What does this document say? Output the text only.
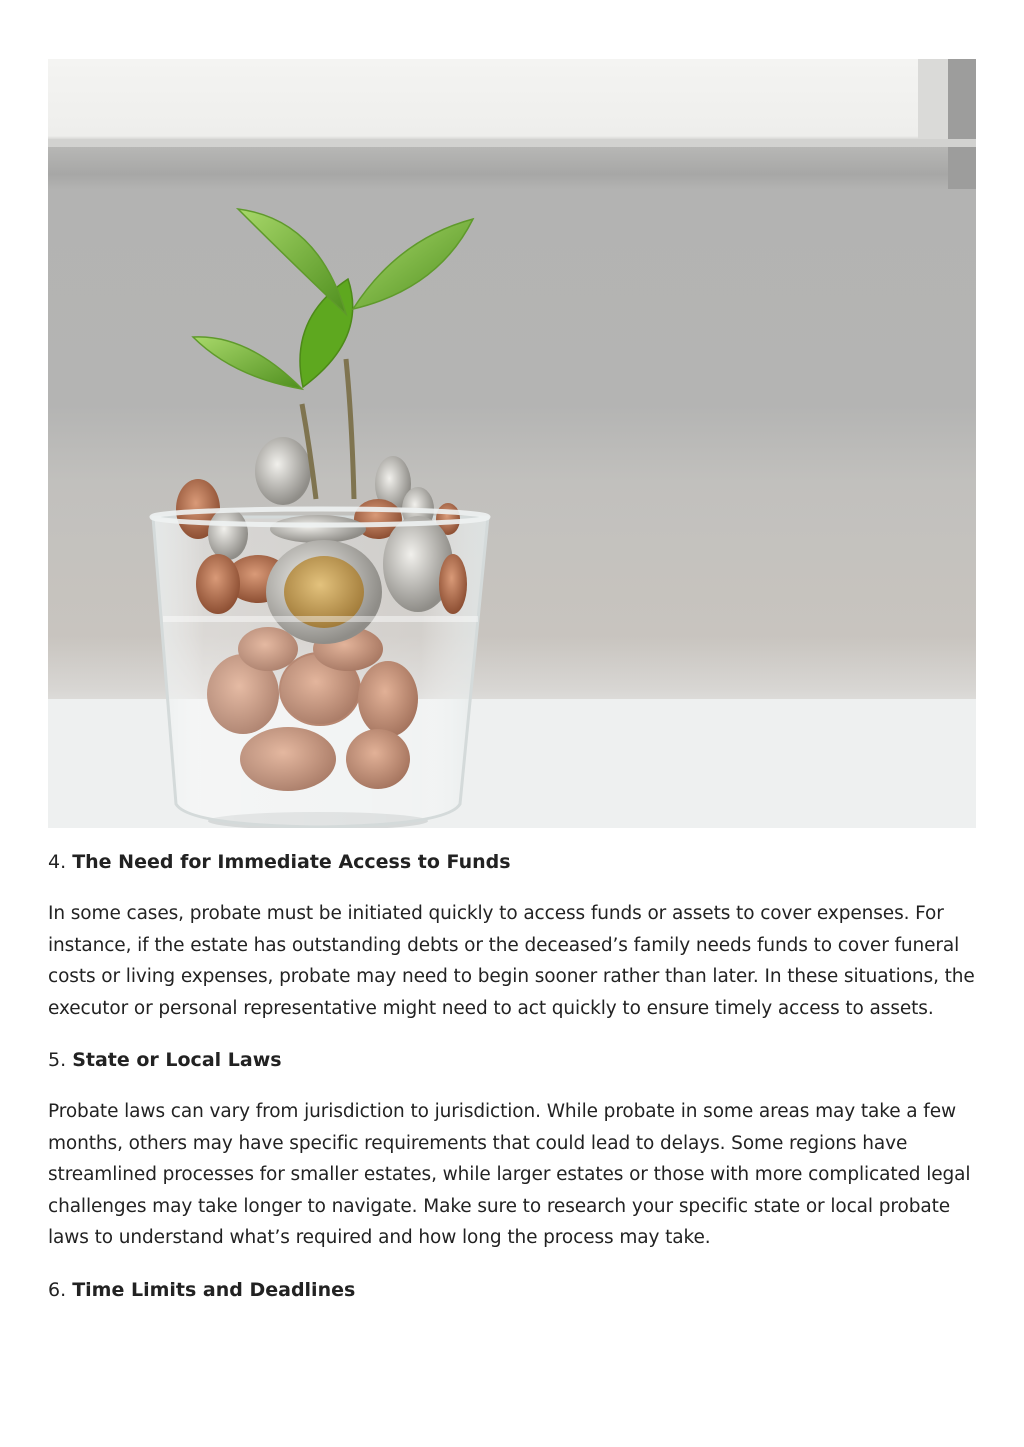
4. The Need for Immediate Access to Funds

In some cases, probate must be initiated quickly to access funds or assets to cover expenses. For instance, if the estate has outstanding debts or the deceased’s family needs funds to cover funeral costs or living expenses, probate may need to begin sooner rather than later. In these situations, the executor or personal representative might need to act quickly to ensure timely access to assets.

5. State or Local Laws

Probate laws can vary from jurisdiction to jurisdiction. While probate in some areas may take a few months, others may have specific requirements that could lead to delays. Some regions have streamlined processes for smaller estates, while larger estates or those with more complicated legal challenges may take longer to navigate. Make sure to research your specific state or local probate laws to understand what’s required and how long the process may take.

6. Time Limits and Deadlines
